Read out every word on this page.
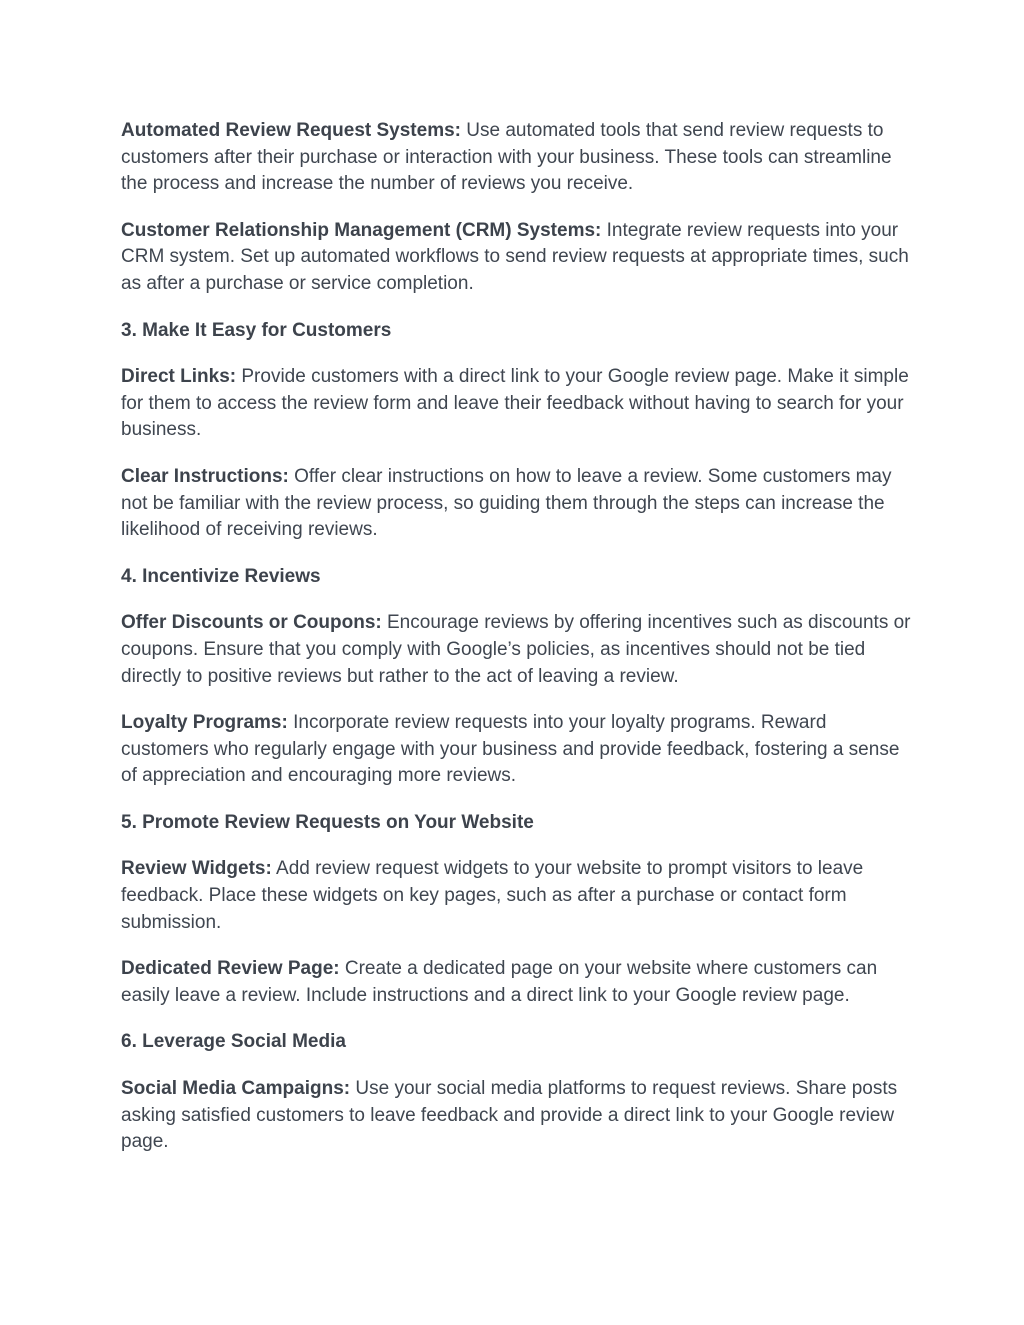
Automated Review Request Systems: Use automated tools that send review requests to customers after their purchase or interaction with your business. These tools can streamline the process and increase the number of reviews you receive.

Customer Relationship Management (CRM) Systems: Integrate review requests into your CRM system. Set up automated workflows to send review requests at appropriate times, such as after a purchase or service completion.

3. Make It Easy for Customers

Direct Links: Provide customers with a direct link to your Google review page. Make it simple for them to access the review form and leave their feedback without having to search for your business.

Clear Instructions: Offer clear instructions on how to leave a review. Some customers may not be familiar with the review process, so guiding them through the steps can increase the likelihood of receiving reviews.

4. Incentivize Reviews

Offer Discounts or Coupons: Encourage reviews by offering incentives such as discounts or coupons. Ensure that you comply with Google’s policies, as incentives should not be tied directly to positive reviews but rather to the act of leaving a review.

Loyalty Programs: Incorporate review requests into your loyalty programs. Reward customers who regularly engage with your business and provide feedback, fostering a sense of appreciation and encouraging more reviews.

5. Promote Review Requests on Your Website

Review Widgets: Add review request widgets to your website to prompt visitors to leave feedback. Place these widgets on key pages, such as after a purchase or contact form submission.

Dedicated Review Page: Create a dedicated page on your website where customers can easily leave a review. Include instructions and a direct link to your Google review page.

6. Leverage Social Media

Social Media Campaigns: Use your social media platforms to request reviews. Share posts asking satisfied customers to leave feedback and provide a direct link to your Google review page.
